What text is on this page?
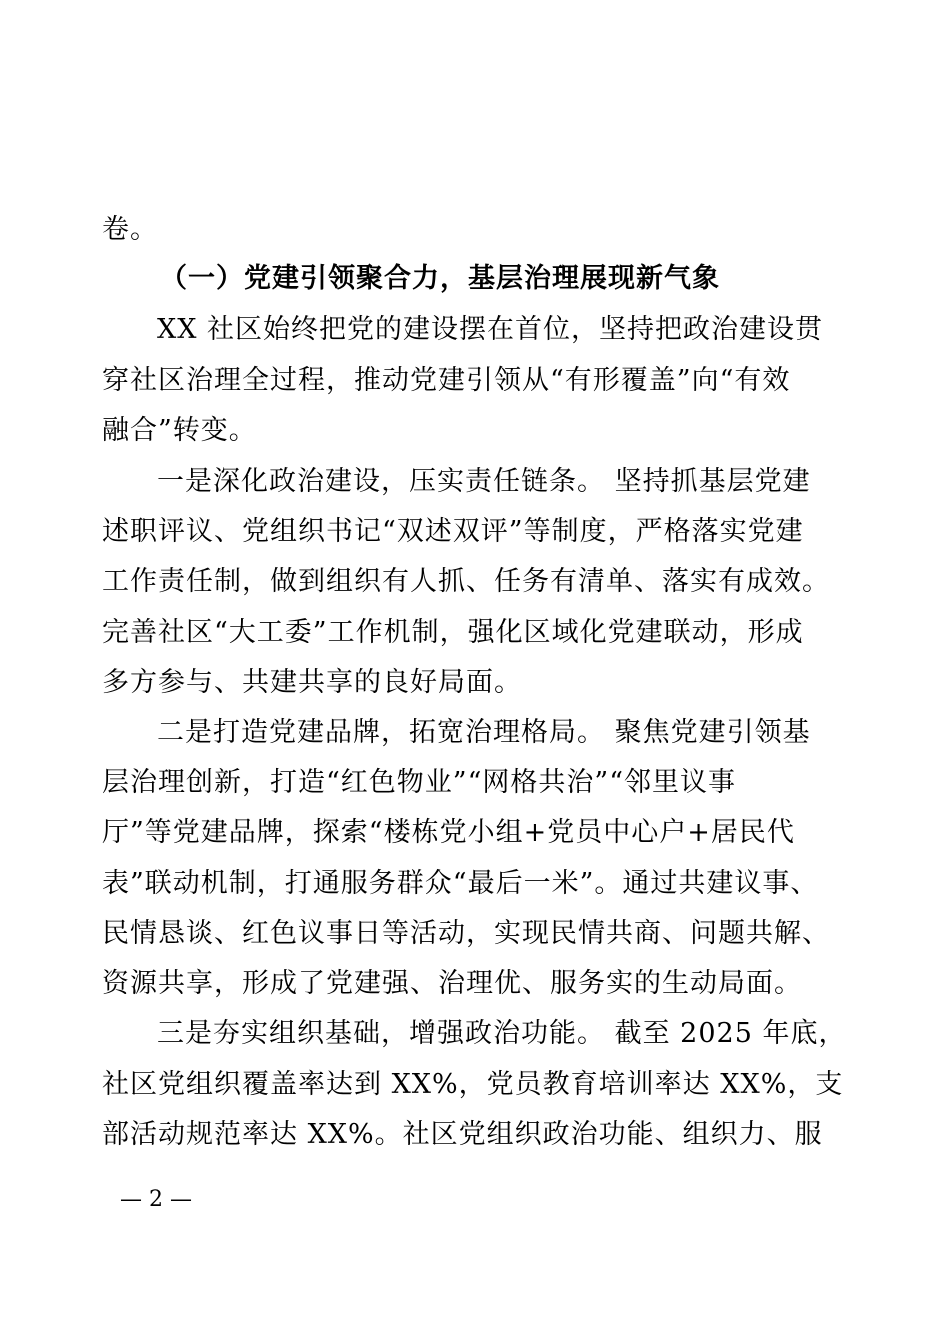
卷。
（一）党建引领聚合力，基层治理展现新气象
XX 社区始终把党的建设摆在首位，坚持把政治建设贯
穿社区治理全过程，推动党建引领从“有形覆盖”向“有效
融合”转变。
一是深化政治建设，压实责任链条。 坚持抓基层党建
述职评议、党组织书记“双述双评”等制度，严格落实党建
工作责任制，做到组织有人抓、任务有清单、落实有成效。
完善社区“大工委”工作机制，强化区域化党建联动，形成
多方参与、共建共享的良好局面。
二是打造党建品牌，拓宽治理格局。 聚焦党建引领基
层治理创新，打造“红色物业”“网格共治”“邻里议事
厅”等党建品牌，探索“楼栋党小组+党员中心户+居民代
表”联动机制，打通服务群众“最后一米”。通过共建议事、
民情恳谈、红色议事日等活动，实现民情共商、问题共解、
资源共享，形成了党建强、治理优、服务实的生动局面。
三是夯实组织基础，增强政治功能。 截至 2025 年底，
社区党组织覆盖率达到 XX%，党员教育培训率达 XX%，支
部活动规范率达 XX%。社区党组织政治功能、组织力、服
— 2 —
